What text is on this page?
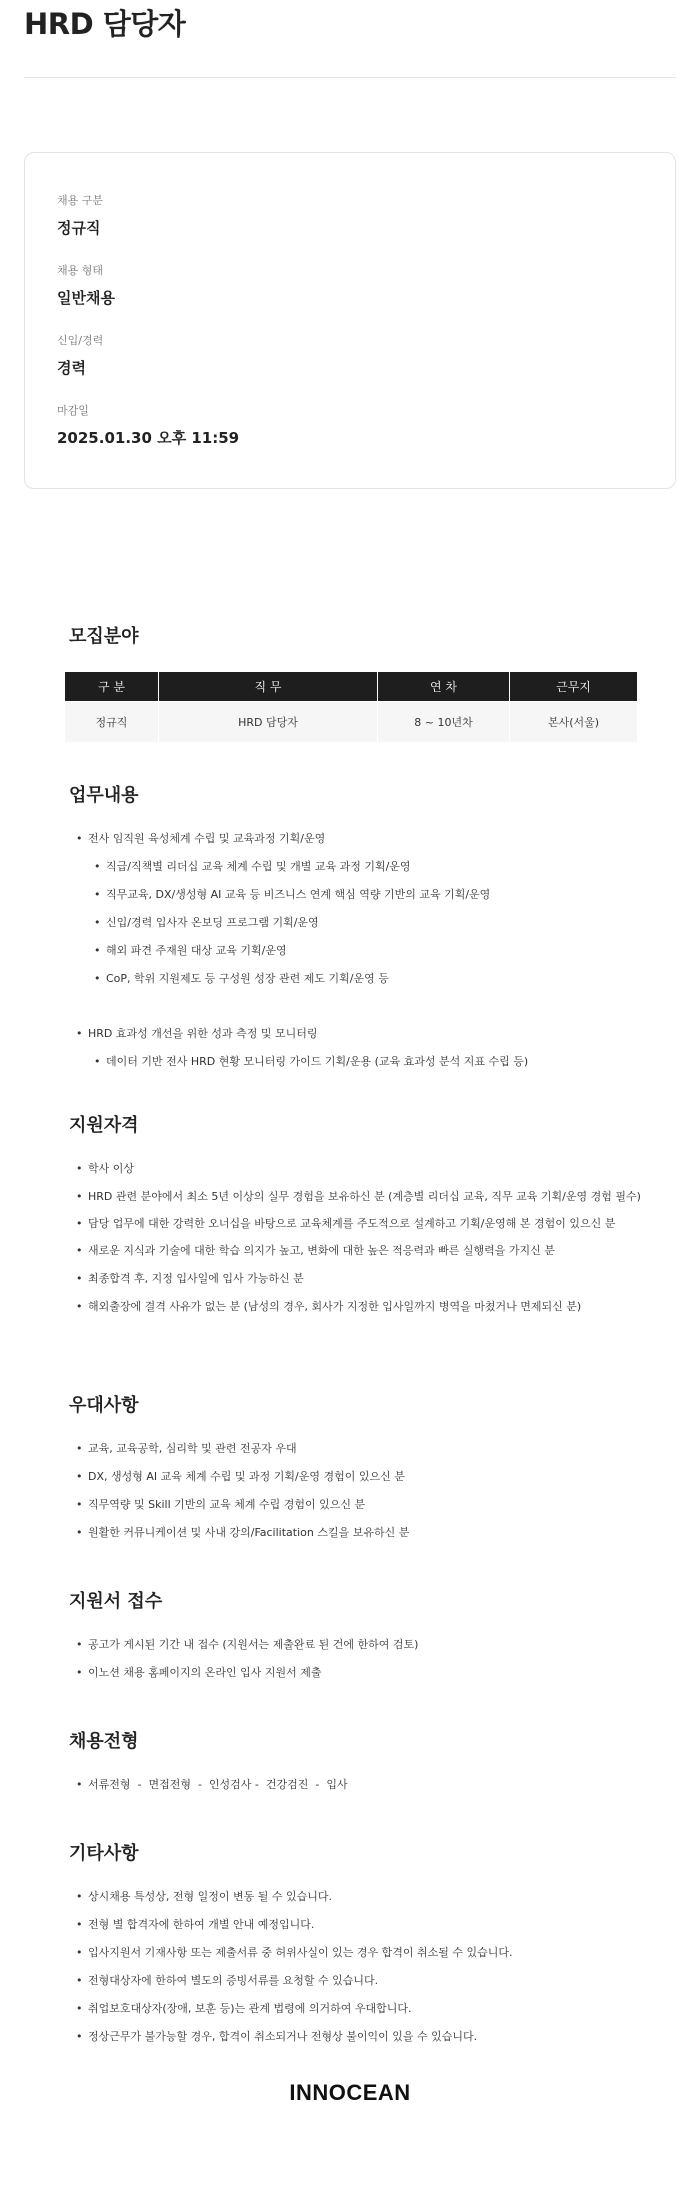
HRD 담당자
채용 구분
정규직
채용 형태
일반채용
신입/경력
경력
마감일
2025.01.30 오후 11:59
모집분야
구 분	직 무	연 차	근무지
정규직	HRD 담당자	8 ~ 10년차	본사(서울)
업무내용
• 전사 임직원 육성체계 수립 및 교육과정 기획/운영
• 직급/직책별 리더십 교육 체계 수립 및 개별 교육 과정 기획/운영
• 직무교육, DX/생성형 AI 교육 등 비즈니스 연계 핵심 역량 기반의 교육 기획/운영
• 신입/경력 입사자 온보딩 프로그램 기획/운영
• 해외 파견 주재원 대상 교육 기획/운영
• CoP, 학위 지원제도 등 구성원 성장 관련 제도 기획/운영 등
• HRD 효과성 개선을 위한 성과 측정 및 모니터링
• 데이터 기반 전사 HRD 현황 모니터링 가이드 기획/운용 (교육 효과성 분석 지표 수립 등)
지원자격
• 학사 이상
• HRD 관련 분야에서 최소 5년 이상의 실무 경험을 보유하신 분 (계층별 리더십 교육, 직무 교육 기획/운영 경험 필수)
• 담당 업무에 대한 강력한 오너십을 바탕으로 교육체계를 주도적으로 설계하고 기획/운영해 본 경험이 있으신 분
• 새로운 지식과 기술에 대한 학습 의지가 높고, 변화에 대한 높은 적응력과 빠른 실행력을 가지신 분
• 최종합격 후, 지정 입사일에 입사 가능하신 분
• 해외출장에 결격 사유가 없는 분 (남성의 경우, 회사가 지정한 입사일까지 병역을 마쳤거나 면제되신 분)
우대사항
• 교육, 교육공학, 심리학 및 관련 전공자 우대
• DX, 생성형 AI 교육 체계 수립 및 과정 기획/운영 경험이 있으신 분
• 직무역량 및 Skill 기반의 교육 체계 수립 경험이 있으신 분
• 원활한 커뮤니케이션 및 사내 강의/Facilitation 스킬을 보유하신 분
지원서 접수
• 공고가 게시된 기간 내 접수 (지원서는 제출완료 된 건에 한하여 검토)
• 이노션 채용 홈페이지의 온라인 입사 지원서 제출
채용전형
• 서류전형  -  면접전형  -  인성검사 -  건강검진  -  입사
기타사항
• 상시채용 특성상, 전형 일정이 변동 될 수 있습니다.
• 전형 별 합격자에 한하여 개별 안내 예정입니다.
• 입사지원서 기재사항 또는 제출서류 중 허위사실이 있는 경우 합격이 취소될 수 있습니다.
• 전형대상자에 한하여 별도의 증빙서류를 요청할 수 있습니다.
• 취업보호대상자(장애, 보훈 등)는 관계 법령에 의거하여 우대합니다.
• 정상근무가 불가능할 경우, 합격이 취소되거나 전형상 불이익이 있을 수 있습니다.
INNOCEAN
